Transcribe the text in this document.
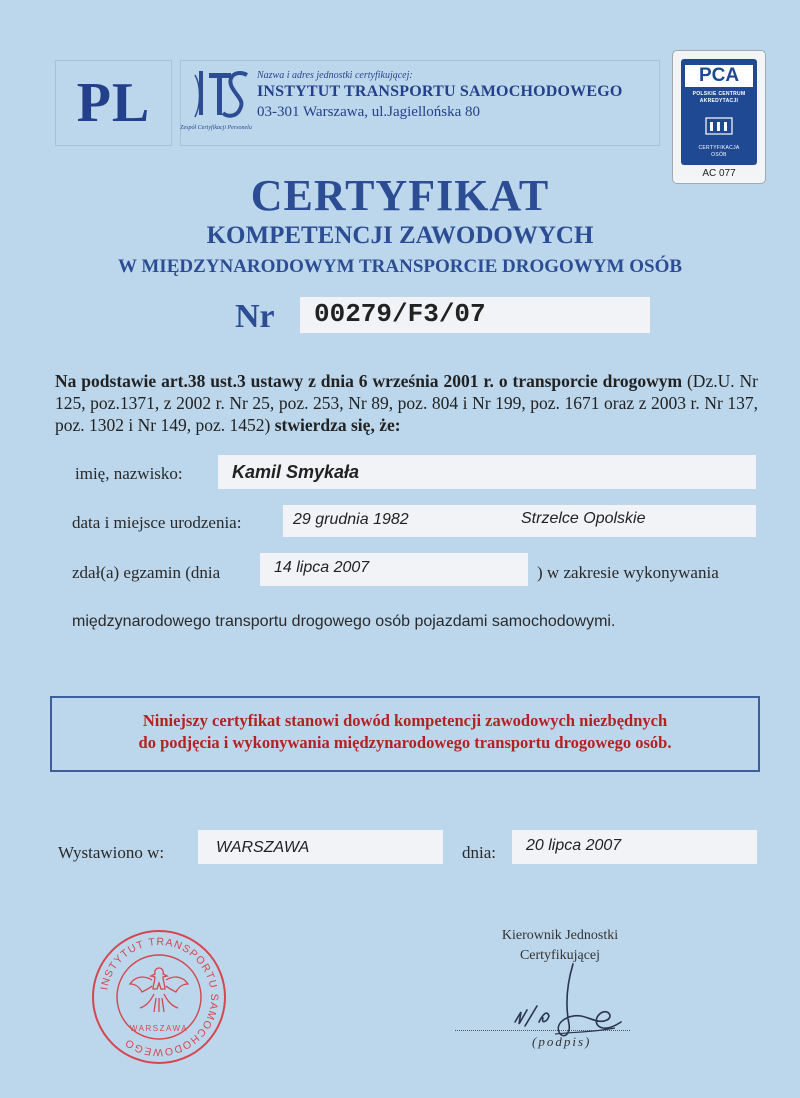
PL	Zespół Certyfikacji Personelu
Nazwa i adres jednostki certyfikującej:
INSTYTUT TRANSPORTU SAMOCHODOWEGO
03-301 Warszawa, ul.Jagiellońska 80
PCA
POLSKIE CENTRUM AKREDYTACJI
CERTYFIKACJA
OSÓB
AC 077
CERTYFIKAT
KOMPETENCJI ZAWODOWYCH
W MIĘDZYNARODOWYM TRANSPORCIE DROGOWYM OSÓB
Nr 00279/F3/07
Na podstawie art.38 ust.3 ustawy z dnia 6 września 2001 r. o transporcie drogowym (Dz.U. Nr 125, poz.1371, z 2002 r. Nr 25, poz. 253, Nr 89, poz. 804 i Nr 199, poz. 1671 oraz z 2003 r. Nr 137, poz. 1302 i Nr 149, poz. 1452) stwierdza się, że:
imię, nazwisko:	Kamil Smykała
data i miejsce urodzenia:	29 grudnia 1982	Strzelce Opolskie
zdał(a) egzamin (dnia	14 lipca 2007	) w zakresie wykonywania
międzynarodowego transportu drogowego osób pojazdami samochodowymi.
Niniejszy certyfikat stanowi dowód kompetencji zawodowych niezbędnych
do podjęcia i wykonywania międzynarodowego transportu drogowego osób.
Wystawiono w:	WARSZAWA	dnia: 20 lipca 2007
Kierownik Jednostki
Certyfikującej
(podpis)
INSTYTUT TRANSPORTU SAMOCHODOWEGO
WARSZAWA
